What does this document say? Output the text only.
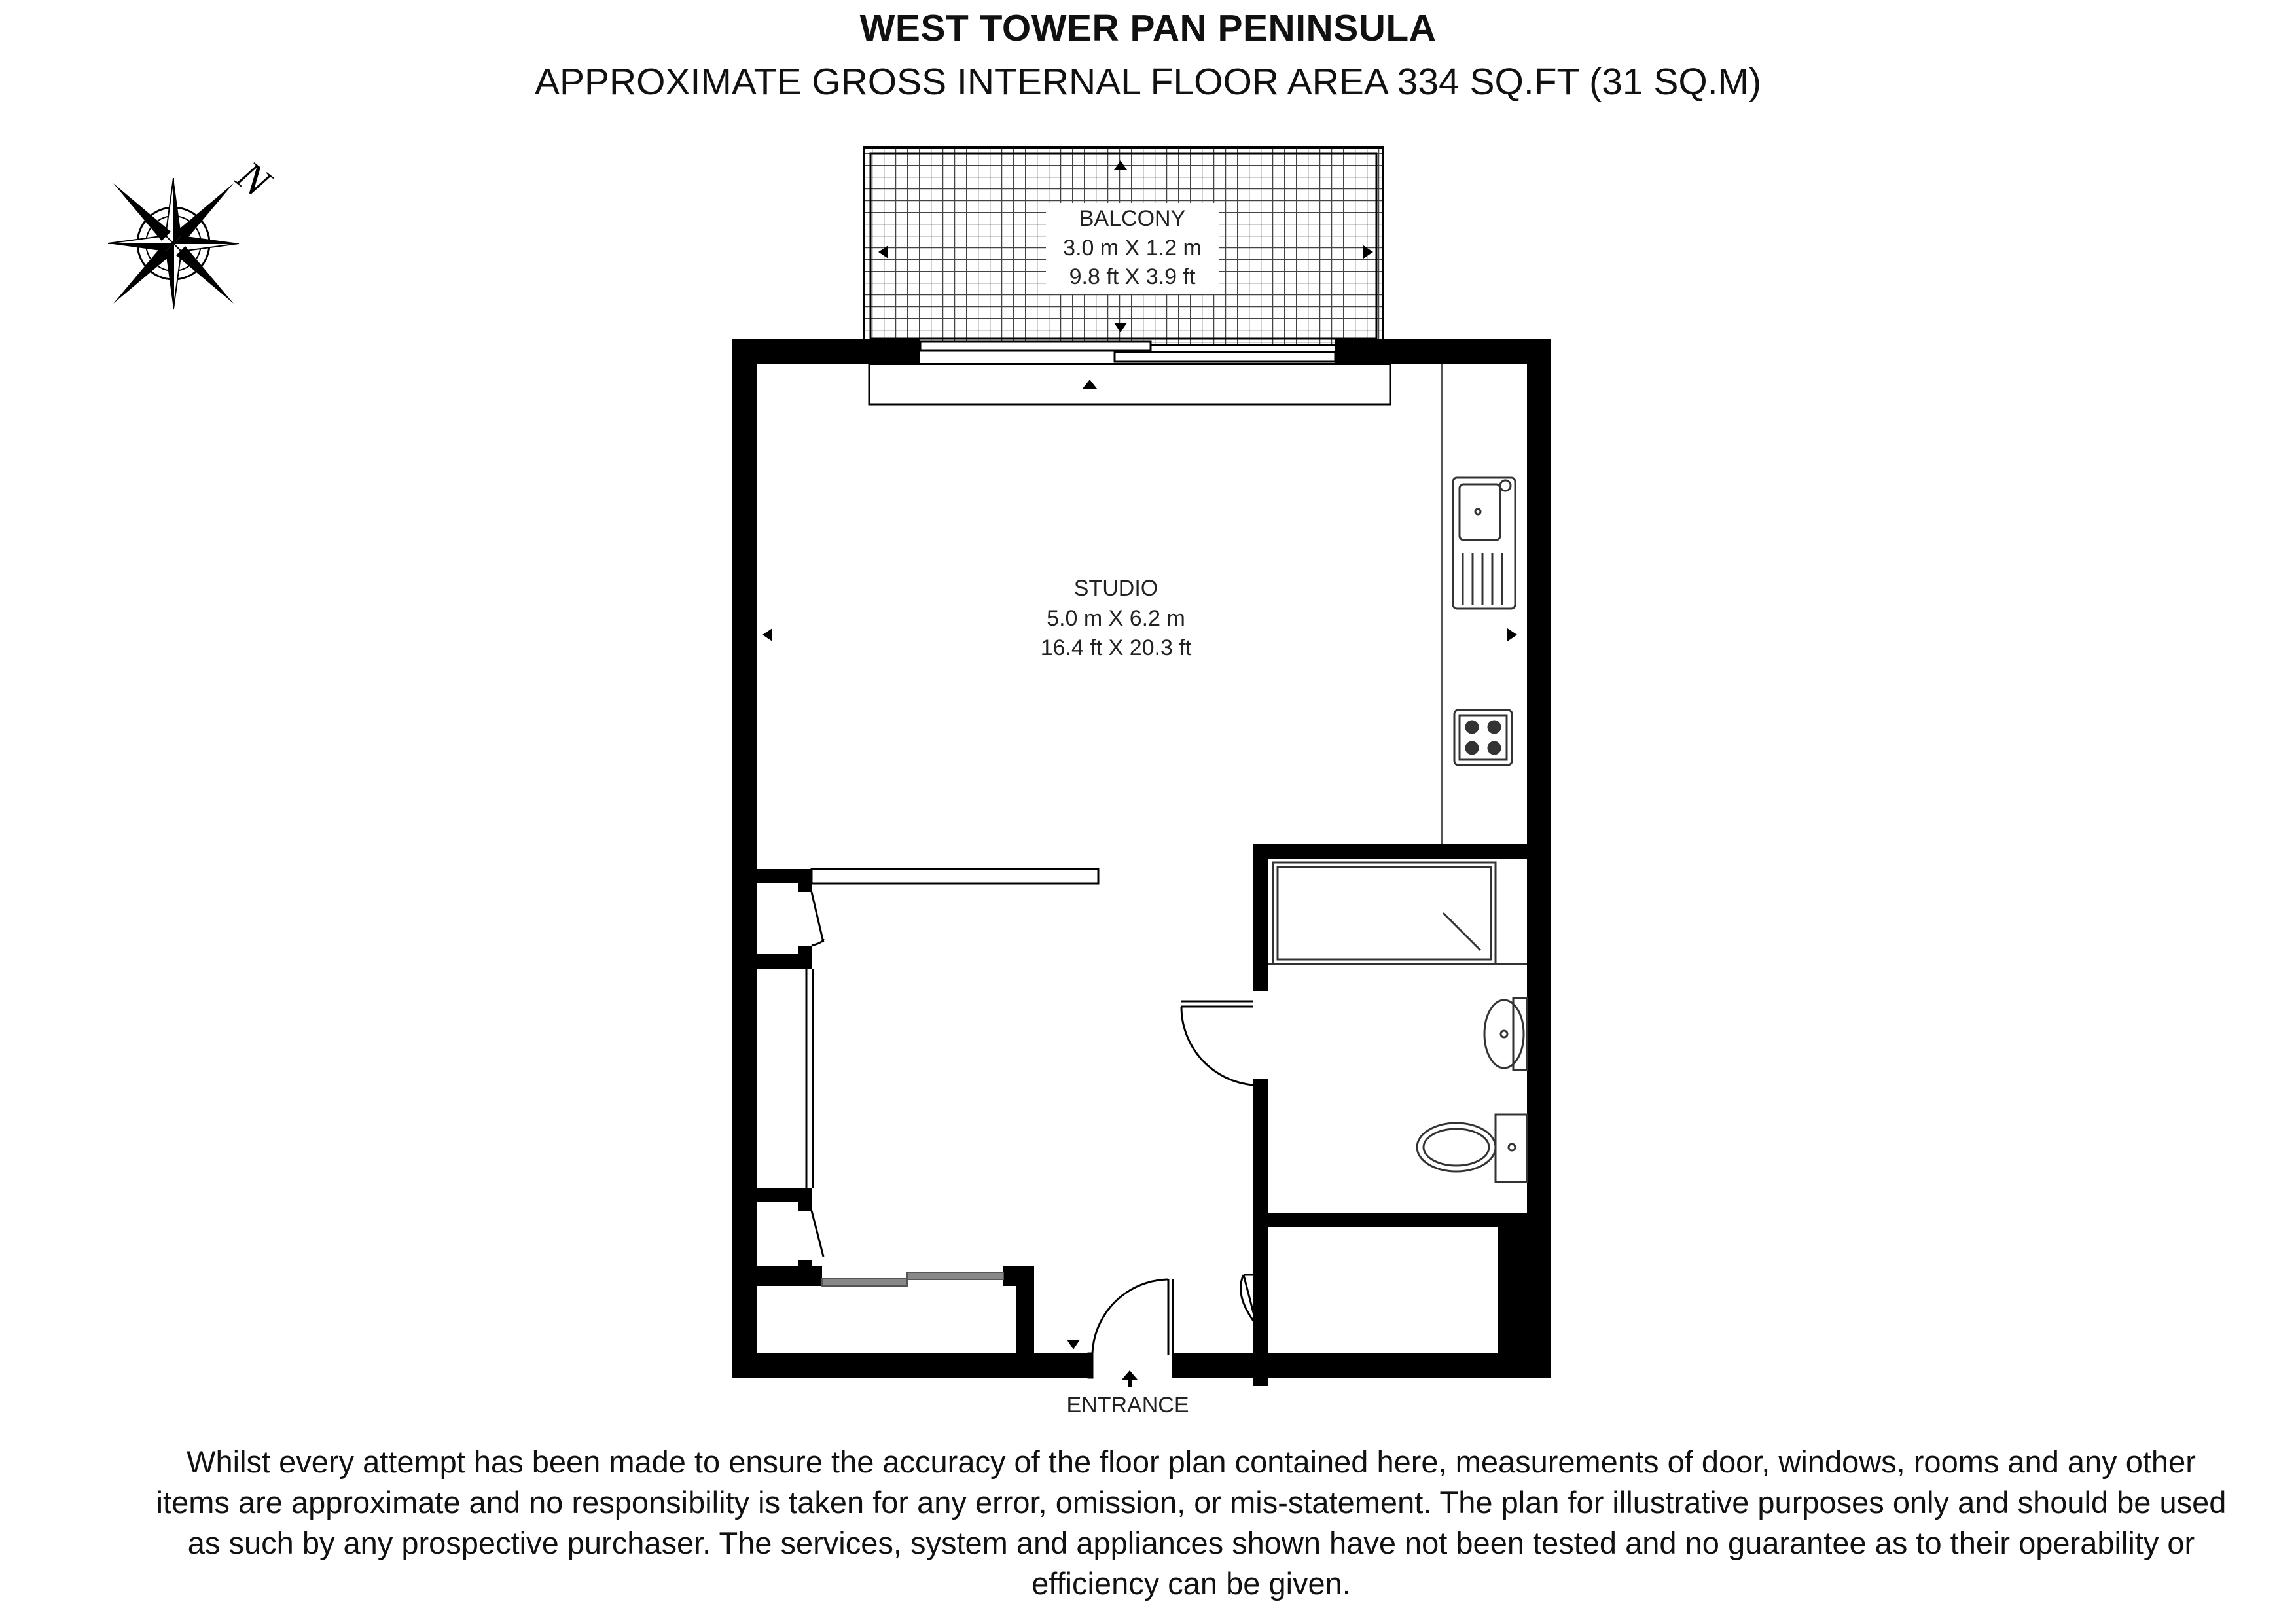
WEST TOWER PAN PENINSULA
APPROXIMATE GROSS INTERNAL FLOOR AREA 334 SQ.FT (31 SQ.M)
N
BALCONY
3.0 m X 1.2 m
9.8 ft X 3.9 ft
STUDIO
5.0 m X 6.2 m
16.4 ft X 20.3 ft
ENTRANCE
Whilst every attempt has been made to ensure the accuracy of the floor plan contained here, measurements of door, windows, rooms and any other items are approximate and no responsibility is taken for any error, omission, or mis-statement. The plan for illustrative purposes only and should be used as such by any prospective purchaser. The services, system and appliances shown have not been tested and no guarantee as to their operability or efficiency can be given.
